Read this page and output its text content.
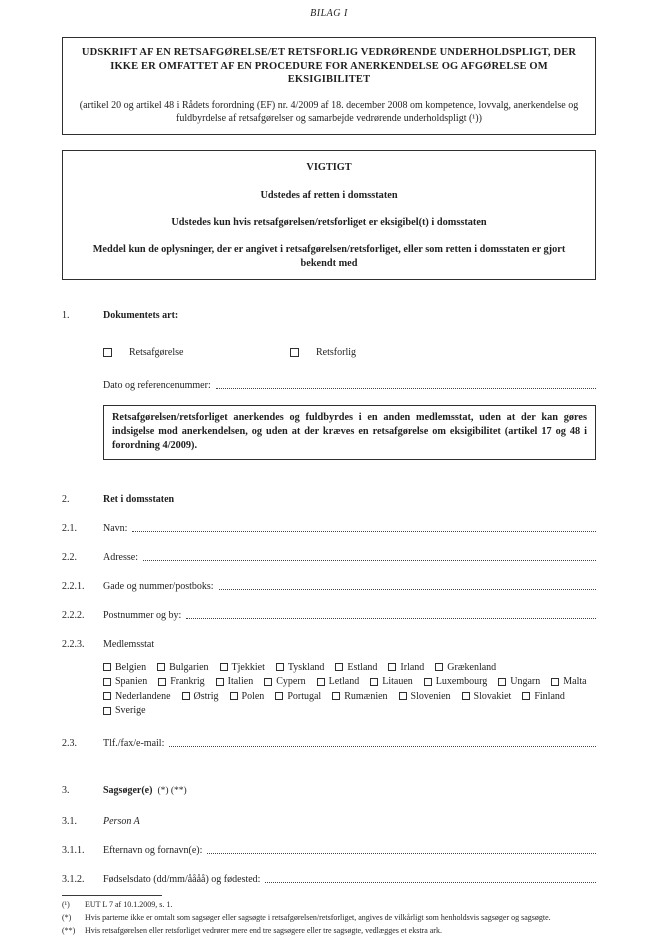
BILAG I
UDSKRIFT AF EN RETSAFGØRELSE/ET RETSFORLIG VEDRØRENDE UNDERHOLDSPLIGT, DER IKKE ER OMFATTET AF EN PROCEDURE FOR ANERKENDELSE OG AFGØRELSE OM EKSIGIBILITET
(artikel 20 og artikel 48 i Rådets forordning (EF) nr. 4/2009 af 18. december 2008 om kompetence, lovvalg, anerkendelse og fuldbyrdelse af retsafgørelser og samarbejde vedrørende underholdspligt (¹))
VIGTIGT
Udstedes af retten i domsstaten
Udstedes kun hvis retsafgørelsen/retsforliget er eksigibel(t) i domsstaten
Meddel kun de oplysninger, der er angivet i retsafgørelsen/retsforliget, eller som retten i domsstaten er gjort bekendt med
1.	Dokumentets art:
Retsafgørelse	Retsforlig
Dato og referencenummer:
Retsafgørelsen/retsforliget anerkendes og fuldbyrdes i en anden medlemsstat, uden at der kan gøres indsigelse mod anerkendelsen, og uden at der kræves en retsafgørelse om eksigibilitet (artikel 17 og 48 i forordning 4/2009).
2.	Ret i domsstaten
2.1.	Navn:
2.2.	Adresse:
2.2.1.	Gade og nummer/postboks:
2.2.2.	Postnummer og by:
2.2.3.	Medlemsstat
Belgien Bulgarien Tjekkiet Tyskland Estland Irland Grækenland
Spanien Frankrig Italien Cypern Letland Litauen Luxembourg Ungarn Malta
Nederlandene Østrig Polen Portugal Rumænien Slovenien Slovakiet Finland
Sverige
2.3.	Tlf./fax/e-mail:
3.	Sagsøger(e) (*) (**)
3.1.	Person A
3.1.1.	Efternavn og fornavn(e):
3.1.2.	Fødselsdato (dd/mm/åååå) og fødested:
(¹)	EUT L 7 af 10.1.2009, s. 1.
(*)	Hvis parterne ikke er omtalt som sagsøger eller sagsøgte i retsafgørelsen/retsforliget, angives de vilkårligt som henholdsvis sagsøger og sagsøgte.
(**)	Hvis retsafgørelsen eller retsforliget vedrører mere end tre sagsøgere eller tre sagsøgte, vedlægges et ekstra ark.
